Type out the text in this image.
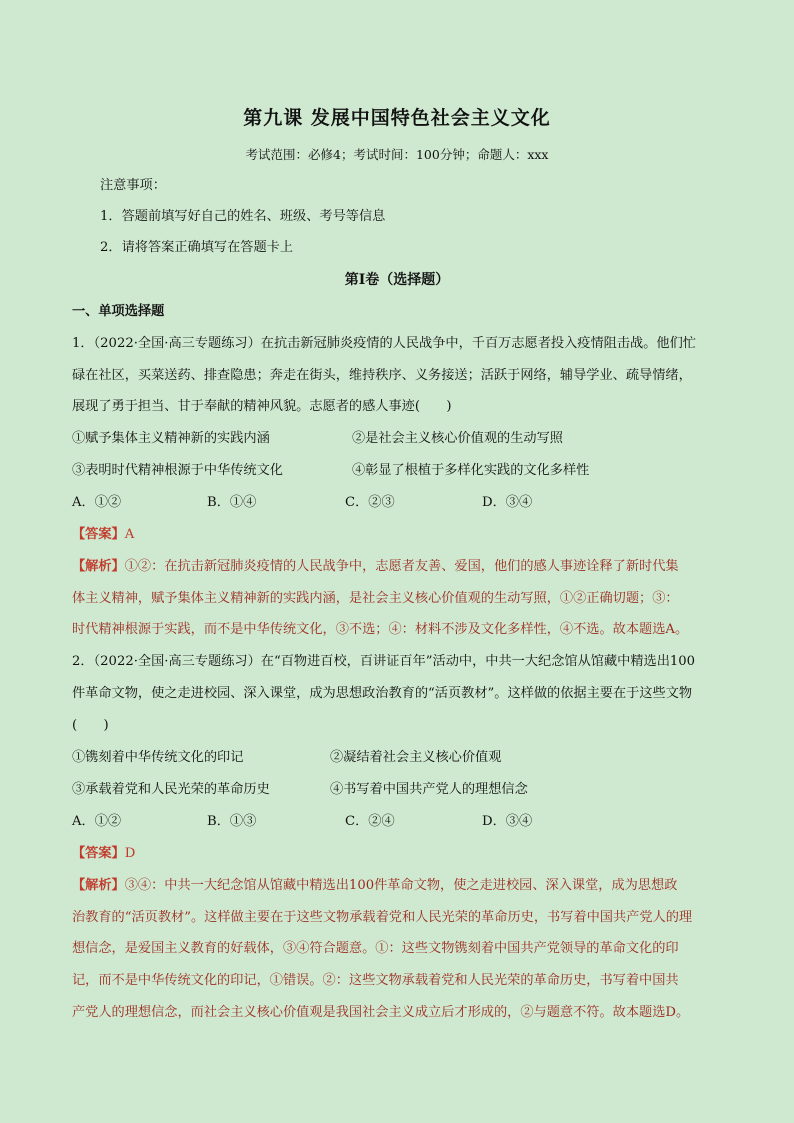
第九课 发展中国特色社会主义文化
考试范围：必修4；考试时间：100分钟；命题人：xxx
注意事项：
1．答题前填写好自己的姓名、班级、考号等信息
2．请将答案正确填写在答题卡上
第I卷（选择题）
一、单项选择题
1．（2022·全国·高三专题练习）在抗击新冠肺炎疫情的人民战争中，千百万志愿者投入疫情阻击战。他们忙
碌在社区，买菜送药、排查隐患；奔走在街头，维持秩序、义务接送；活跃于网络，辅导学业、疏导情绪，
展现了勇于担当、甘于奉献的精神风貌。志愿者的感人事迹(　　)
①赋予集体主义精神新的实践内涵	②是社会主义核心价值观的生动写照
③表明时代精神根源于中华传统文化	④彰显了根植于多样化实践的文化多样性
A．①②	B．①④	C．②③	D．③④
【答案】A
【解析】①②：在抗击新冠肺炎疫情的人民战争中，志愿者友善、爱国，他们的感人事迹诠释了新时代集
体主义精神，赋予集体主义精神新的实践内涵，是社会主义核心价值观的生动写照，①②正确切题；③：
时代精神根源于实践，而不是中华传统文化，③不选；④：材料不涉及文化多样性，④不选。故本题选A。
2．（2022·全国·高三专题练习）在“百物进百校，百讲证百年”活动中，中共一大纪念馆从馆藏中精选出100
件革命文物，使之走进校园、深入课堂，成为思想政治教育的“活页教材”。这样做的依据主要在于这些文物
(　　)
①镌刻着中华传统文化的印记	②凝结着社会主义核心价值观
③承载着党和人民光荣的革命历史	④书写着中国共产党人的理想信念
A．①②	B．①③	C．②④	D．③④
【答案】D
【解析】③④：中共一大纪念馆从馆藏中精选出100件革命文物，使之走进校园、深入课堂，成为思想政
治教育的“活页教材”。这样做主要在于这些文物承载着党和人民光荣的革命历史，书写着中国共产党人的理
想信念，是爱国主义教育的好载体，③④符合题意。①：这些文物镌刻着中国共产党领导的革命文化的印
记，而不是中华传统文化的印记，①错误。②：这些文物承载着党和人民光荣的革命历史，书写着中国共
产党人的理想信念，而社会主义核心价值观是我国社会主义成立后才形成的，②与题意不符。故本题选D。
